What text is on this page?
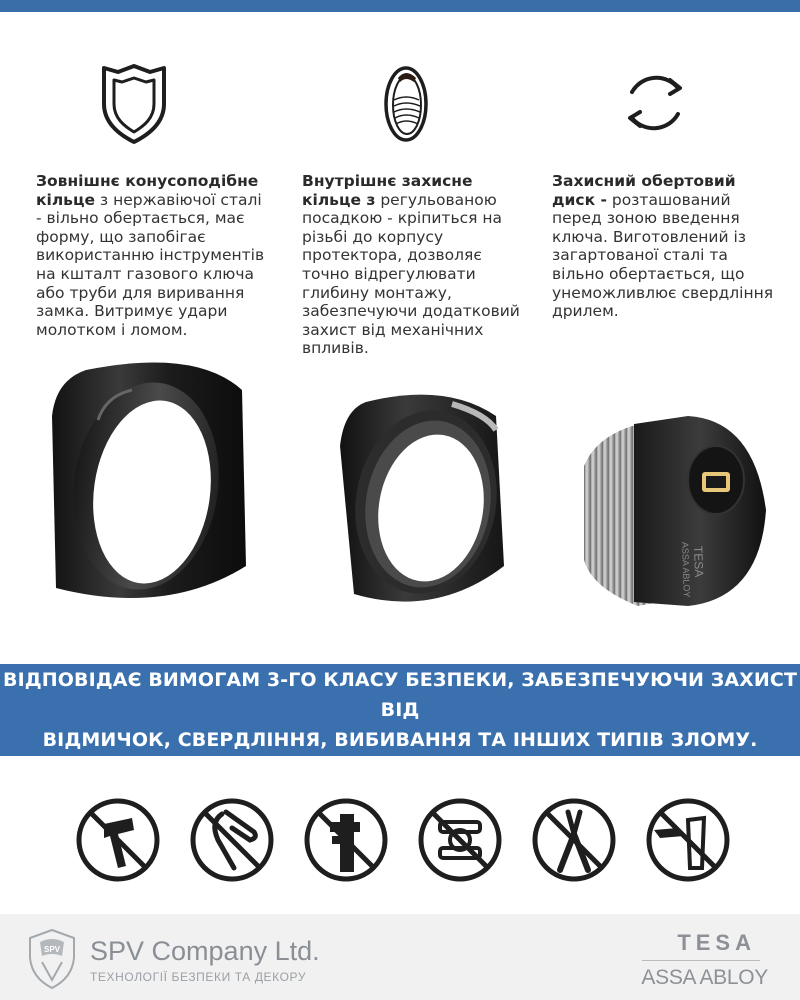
Зовнішнє конусоподібне кільце з нержавіючої сталі - вільно обертається, має форму, що запобігає використанню інструментів на кшталт газового ключа або труби для виривання замка. Витримує удари молотком і ломом.
Внутрішнє захисне кільце з регульованою посадкою - кріпиться на різьбі до корпусу протектора, дозволяє точно відрегулювати глибину монтажу, забезпечуючи додатковий захист від механічних впливів.
Захисний обертовий диск - розташований перед зоною введення ключа. Виготовлений із загартованої сталі та вільно обертається, що унеможливлює свердління дрилем.
TESA
ASSA ABLOY
ВІДПОВІДАЄ ВИМОГАМ 3-ГО КЛАСУ БЕЗПЕКИ, ЗАБЕЗПЕЧУЮЧИ ЗАХИСТ ВІД
ВІДМИЧОК, СВЕРДЛІННЯ, ВИБИВАННЯ ТА ІНШИХ ТИПІВ ЗЛОМУ.
SPV SPV Company Ltd.
ТЕХНОЛОГІЇ БЕЗПЕКИ ТА ДЕКОРУ
TESA
ASSA ABLOY
